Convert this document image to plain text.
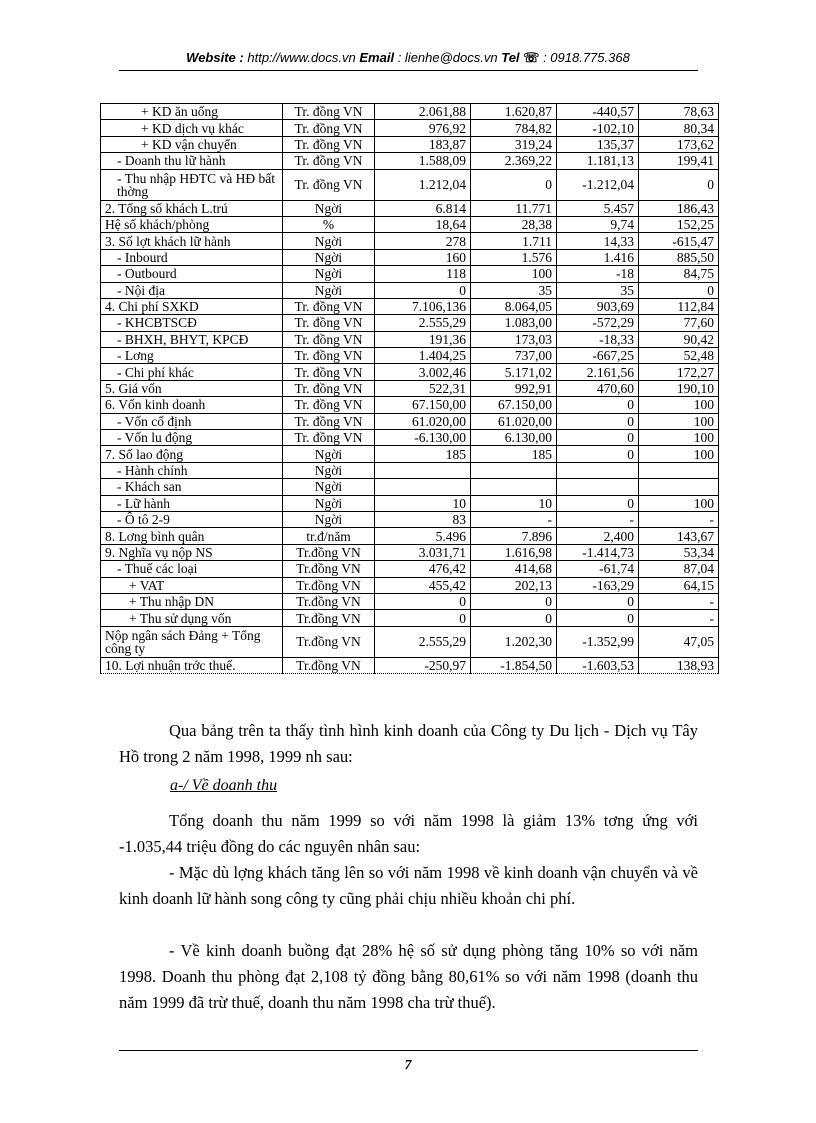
Website : http://www.docs.vn Email : lienhe@docs.vn Tel ☏ : 0918.775.368
+ KD ăn uống	Tr. đồng VN	2.061,88	1.620,87	-440,57	78,63
+ KD dịch vụ khác	Tr. đồng VN	976,92	784,82	-102,10	80,34
+ KD vận chuyển	Tr. đồng VN	183,87	319,24	135,37	173,62
- Doanh thu lữ hành	Tr. đồng VN	1.588,09	2.369,22	1.181,13	199,41
- Thu nhập HĐTC và HĐ bất thờng	Tr. đồng VN	1.212,04	0	-1.212,04	0
2. Tổng số khách L.trú	Ngời	6.814	11.771	5.457	186,43
Hệ số khách/phòng	%	18,64	28,38	9,74	152,25
3. Số lợt khách lữ hành	Ngời	278	1.711	14,33	-615,47
- Inbourd	Ngời	160	1.576	1.416	885,50
- Outbourd	Ngời	118	100	-18	84,75
- Nội địa	Ngời	0	35	35	0
4. Chi phí SXKD	Tr. đồng VN	7.106,136	8.064,05	903,69	112,84
- KHCBTSCĐ	Tr. đồng VN	2.555,29	1.083,00	-572,29	77,60
- BHXH, BHYT, KPCĐ	Tr. đồng VN	191,36	173,03	-18,33	90,42
- Lơng	Tr. đồng VN	1.404,25	737,00	-667,25	52,48
- Chi phí khác	Tr. đồng VN	3.002,46	5.171,02	2.161,56	172,27
5. Giá vốn	Tr. đồng VN	522,31	992,91	470,60	190,10
6. Vốn kinh doanh	Tr. đồng VN	67.150,00	67.150,00	0	100
- Vốn cố định	Tr. đồng VN	61.020,00	61.020,00	0	100
- Vốn lu động	Tr. đồng VN	-6.130,00	6.130,00	0	100
7. Số lao động	Ngời	185	185	0	100
- Hành chính	Ngời				
- Khách san	Ngời				
- Lữ hành	Ngời	10	10	0	100
- Ô tô 2-9	Ngời	83	-	-	-
8. Lơng bình quân	tr.đ/năm	5.496	7.896	2,400	143,67
9. Nghĩa vụ nộp NS	Tr.đồng VN	3.031,71	1.616,98	-1.414,73	53,34
- Thuế các loại	Tr.đồng VN	476,42	414,68	-61,74	87,04
+ VAT	Tr.đồng VN	455,42	202,13	-163,29	64,15
+ Thu nhập DN	Tr.đồng VN	0	0	0	-
+ Thu sử dụng vốn	Tr.đồng VN	0	0	0	-
Nộp ngân sách Đảng + Tổng công ty	Tr.đồng VN	2.555,29	1.202,30	-1.352,99	47,05
10. Lợi nhuận trớc thuế.	Tr.đồng VN	-250,97	-1.854,50	-1.603,53	138,93
Qua bảng trên ta thấy tình hình kinh doanh của Công ty Du lịch - Dịch vụ Tây Hồ trong 2 năm 1998, 1999 nh sau:
a-/ Về doanh thu
Tổng doanh thu năm 1999 so với năm 1998 là giảm 13% tơng ứng với -1.035,44 triệu đồng do các nguyên nhân sau:
- Mặc dù lợng khách tăng lên so với năm 1998 về kinh doanh vận chuyển và về kinh doanh lữ hành song công ty cũng phải chịu nhiều khoản chi phí.
- Về kinh doanh buồng đạt 28% hệ số sử dụng phòng tăng 10% so với năm 1998. Doanh thu phòng đạt 2,108 tỷ đồng bằng 80,61% so với năm 1998 (doanh thu năm 1999 đã trừ thuế, doanh thu năm 1998 cha trừ thuế).
7
